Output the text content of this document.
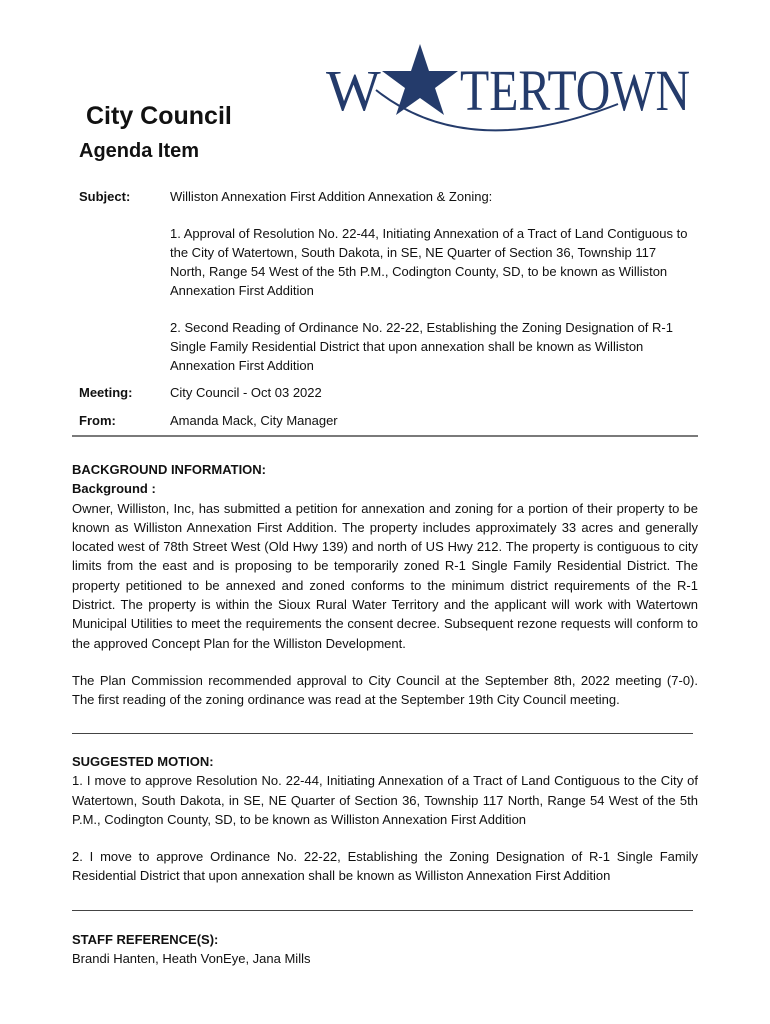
W TERTOWN
City Council
Agenda Item
Subject:	Williston Annexation First Addition Annexation & Zoning:

1. Approval of Resolution No. 22-44, Initiating Annexation of a Tract of Land Contiguous to the City of Watertown, South Dakota, in SE, NE Quarter of Section 36, Township 117 North, Range 54 West of the 5th P.M., Codington County, SD, to be known as Williston Annexation First Addition

2. Second Reading of Ordinance No. 22-22, Establishing the Zoning Designation of R-1 Single Family Residential District that upon annexation shall be known as Williston Annexation First Addition

Meeting:	City Council - Oct 03 2022
From:	Amanda Mack, City Manager
BACKGROUND INFORMATION:
Background :

Owner, Williston, Inc, has submitted a petition for annexation and zoning for a portion of their property to be known as Williston Annexation First Addition. The property includes approximately 33 acres and generally located west of 78th Street West (Old Hwy 139) and north of US Hwy 212. The property is contiguous to city limits from the east and is proposing to be temporarily zoned R-1 Single Family Residential District. The property petitioned to be annexed and zoned conforms to the minimum district requirements of the R-1 District. The property is within the Sioux Rural Water Territory and the applicant will work with Watertown Municipal Utilities to meet the requirements the consent decree. Subsequent rezone requests will conform to the approved Concept Plan for the Williston Development.

The Plan Commission recommended approval to City Council at the September 8th, 2022 meeting (7-0). The first reading of the zoning ordinance was read at the September 19th City Council meeting.

SUGGESTED MOTION:

1. I move to approve Resolution No. 22-44, Initiating Annexation of a Tract of Land Contiguous to the City of Watertown, South Dakota, in SE, NE Quarter of Section 36, Township 117 North, Range 54 West of the 5th P.M., Codington County, SD, to be known as Williston Annexation First Addition

2. I move to approve Ordinance No. 22-22, Establishing the Zoning Designation of R-1 Single Family Residential District that upon annexation shall be known as Williston Annexation First Addition

STAFF REFERENCE(S):

Brandi Hanten, Heath VonEye, Jana Mills
